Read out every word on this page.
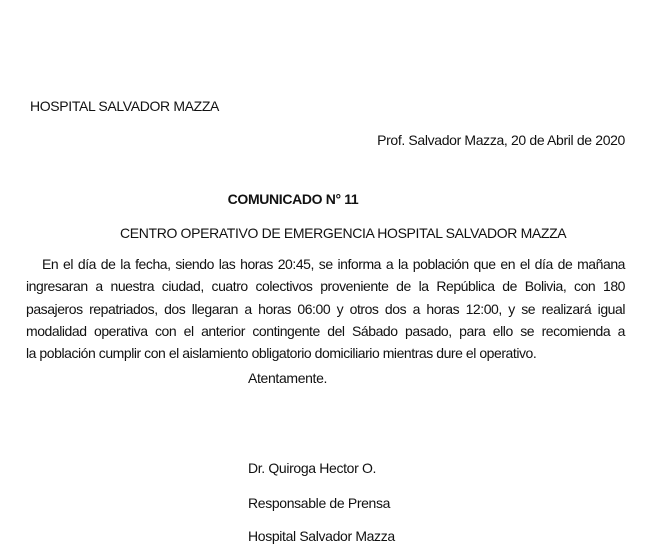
HOSPITAL SALVADOR MAZZA
Prof. Salvador Mazza, 20 de Abril de 2020
COMUNICADO N° 11
CENTRO OPERATIVO DE EMERGENCIA HOSPITAL SALVADOR MAZZA
En el día de la fecha, siendo las horas 20:45, se informa a la población que en el día de mañana
ingresaran a nuestra ciudad, cuatro colectivos proveniente de la República de Bolivia, con 180
pasajeros repatriados, dos llegaran a horas 06:00 y otros dos a horas 12:00, y se realizará igual
modalidad operativa con el anterior contingente del Sábado pasado, para ello se recomienda a
la población cumplir con el aislamiento obligatorio domiciliario mientras dure el operativo.
Atentamente.
Dr. Quiroga Hector O.
Responsable de Prensa
Hospital Salvador Mazza
